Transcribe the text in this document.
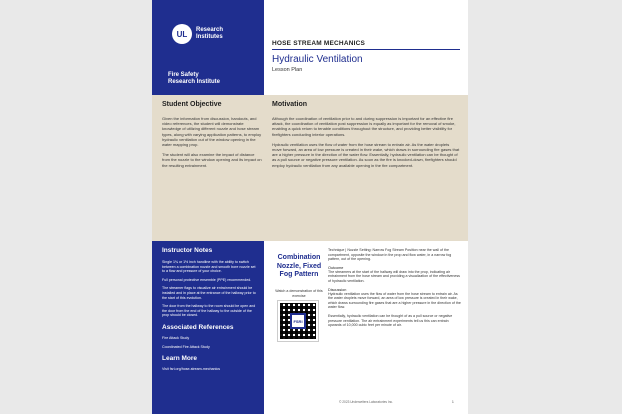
UL	Research
Institutes
Fire Safety
Research Institute
HOSE STREAM MECHANICS
Hydraulic Ventilation
Lesson Plan
Student Objective

Given the information from discussion, handouts, and video references, the student will demonstrate knowledge of utilizing different nozzle and hose stream types, along with varying application patterns, to employ hydraulic ventilation out of the window opening in the water mapping prop.

The student will also examine the impact of distance from the nozzle to the window opening and its impact on the resulting entrainment.

Motivation

Although the coordination of ventilation prior to and during suppression is important for an effective fire attack, the coordination of ventilation post suppression is equally as important for the removal of smoke, enabling a quick return to tenable conditions throughout the structure, and providing better visibility for firefighters conducting interior operations.

Hydraulic ventilation uses the flow of water from the hose stream to entrain air. As the water droplets move forward, an area of low pressure is created in their wake, which draws in surrounding fire gases that are a higher pressure in the direction of the water flow. Essentially, hydraulic ventilation can be thought of as a pull source or negative pressure ventilation. As soon as the fire is knocked-down, firefighters should employ hydraulic ventilation from any available opening in the fire compartment.

Instructor Notes

Single 1¾ or 1½ inch handline with the ability to switch between a combination nozzle and smooth bore nozzle set to a flow and pressure of your choice.

Full personal protective ensemble (PPE) recommended.

The streamer flags to visualize air entrainment should be installed and in place at the entrance of the hallway prior to the start of this evolution.

The door from the hallway to the room should be open and the door from the end of the hallway to the outside of the prop should be closed.

Associated References

Fire Attack Study

Coordinated Fire Attack Study

Learn More

Visit fsri.org/hose-stream-mechanics

Combination Nozzle, Fixed Fog Pattern
Watch a demonstration of this exercise
FSRI

Technique | Nozzle Setting: Narrow Fog Stream Position near the wall of the compartment, opposite the window in the prop and flow water, in a narrow fog pattern, out of the opening.

Outcome

The streamers at the start of the hallway will draw into the prop, indicating air entrainment from the hose stream and providing a visualization of the effectiveness of hydraulic ventilation.

Discussion

Hydraulic ventilation uses the flow of water from the hose stream to entrain air. As the water droplets move forward, an area of low pressure is created in their wake, which draws surrounding fire gases that are a higher pressure in the direction of the water flow.

Essentially, hydraulic ventilation can be thought of as a pull source or negative pressure ventilation. The air entrainment experiments tell us this can entrain upwards of 10,000 cubic feet per minute of air.

© 2023 Underwriters Laboratories Inc.	1
